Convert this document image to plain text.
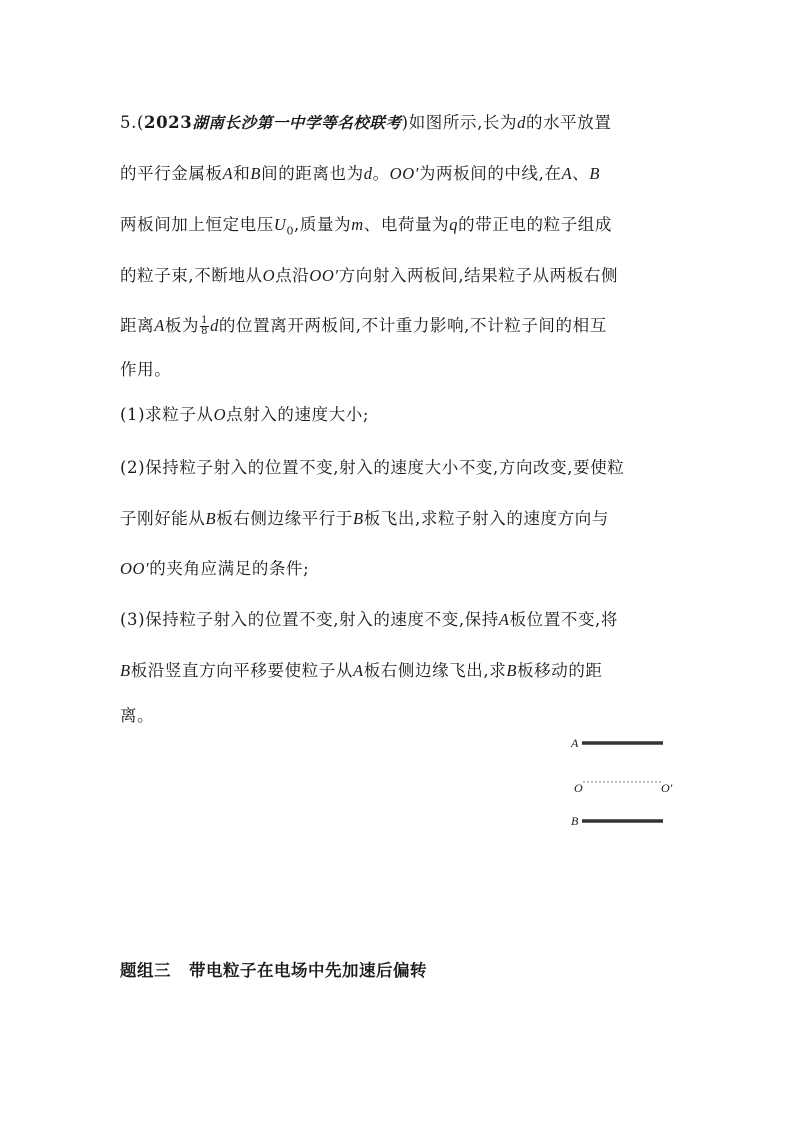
5.(2023湖南长沙第一中学等名校联考)如图所示,长为d的水平放置
的平行金属板A和B间的距离也为d。OO′为两板间的中线,在A、B
两板间加上恒定电压$U_0$,质量为m、电荷量为q的带正电的粒子组成
的粒子束,不断地从O点沿OO′方向射入两板间,结果粒子从两板右侧
距离A板为 $\frac{1}{8}$ d的位置离开两板间,不计重力影响,不计粒子间的相互
作用。
(1)求粒子从O点射入的速度大小;
(2)保持粒子射入的位置不变,射入的速度大小不变,方向改变,要使粒
子刚好能从B板右侧边缘平行于B板飞出,求粒子射入的速度方向与
OO′的夹角应满足的条件;
(3)保持粒子射入的位置不变,射入的速度不变,保持A板位置不变,将
B板沿竖直方向平移要使粒子从A板右侧边缘飞出,求B板移动的距
离。
A
O	O′
B
题组三 带电粒子在电场中先加速后偏转
